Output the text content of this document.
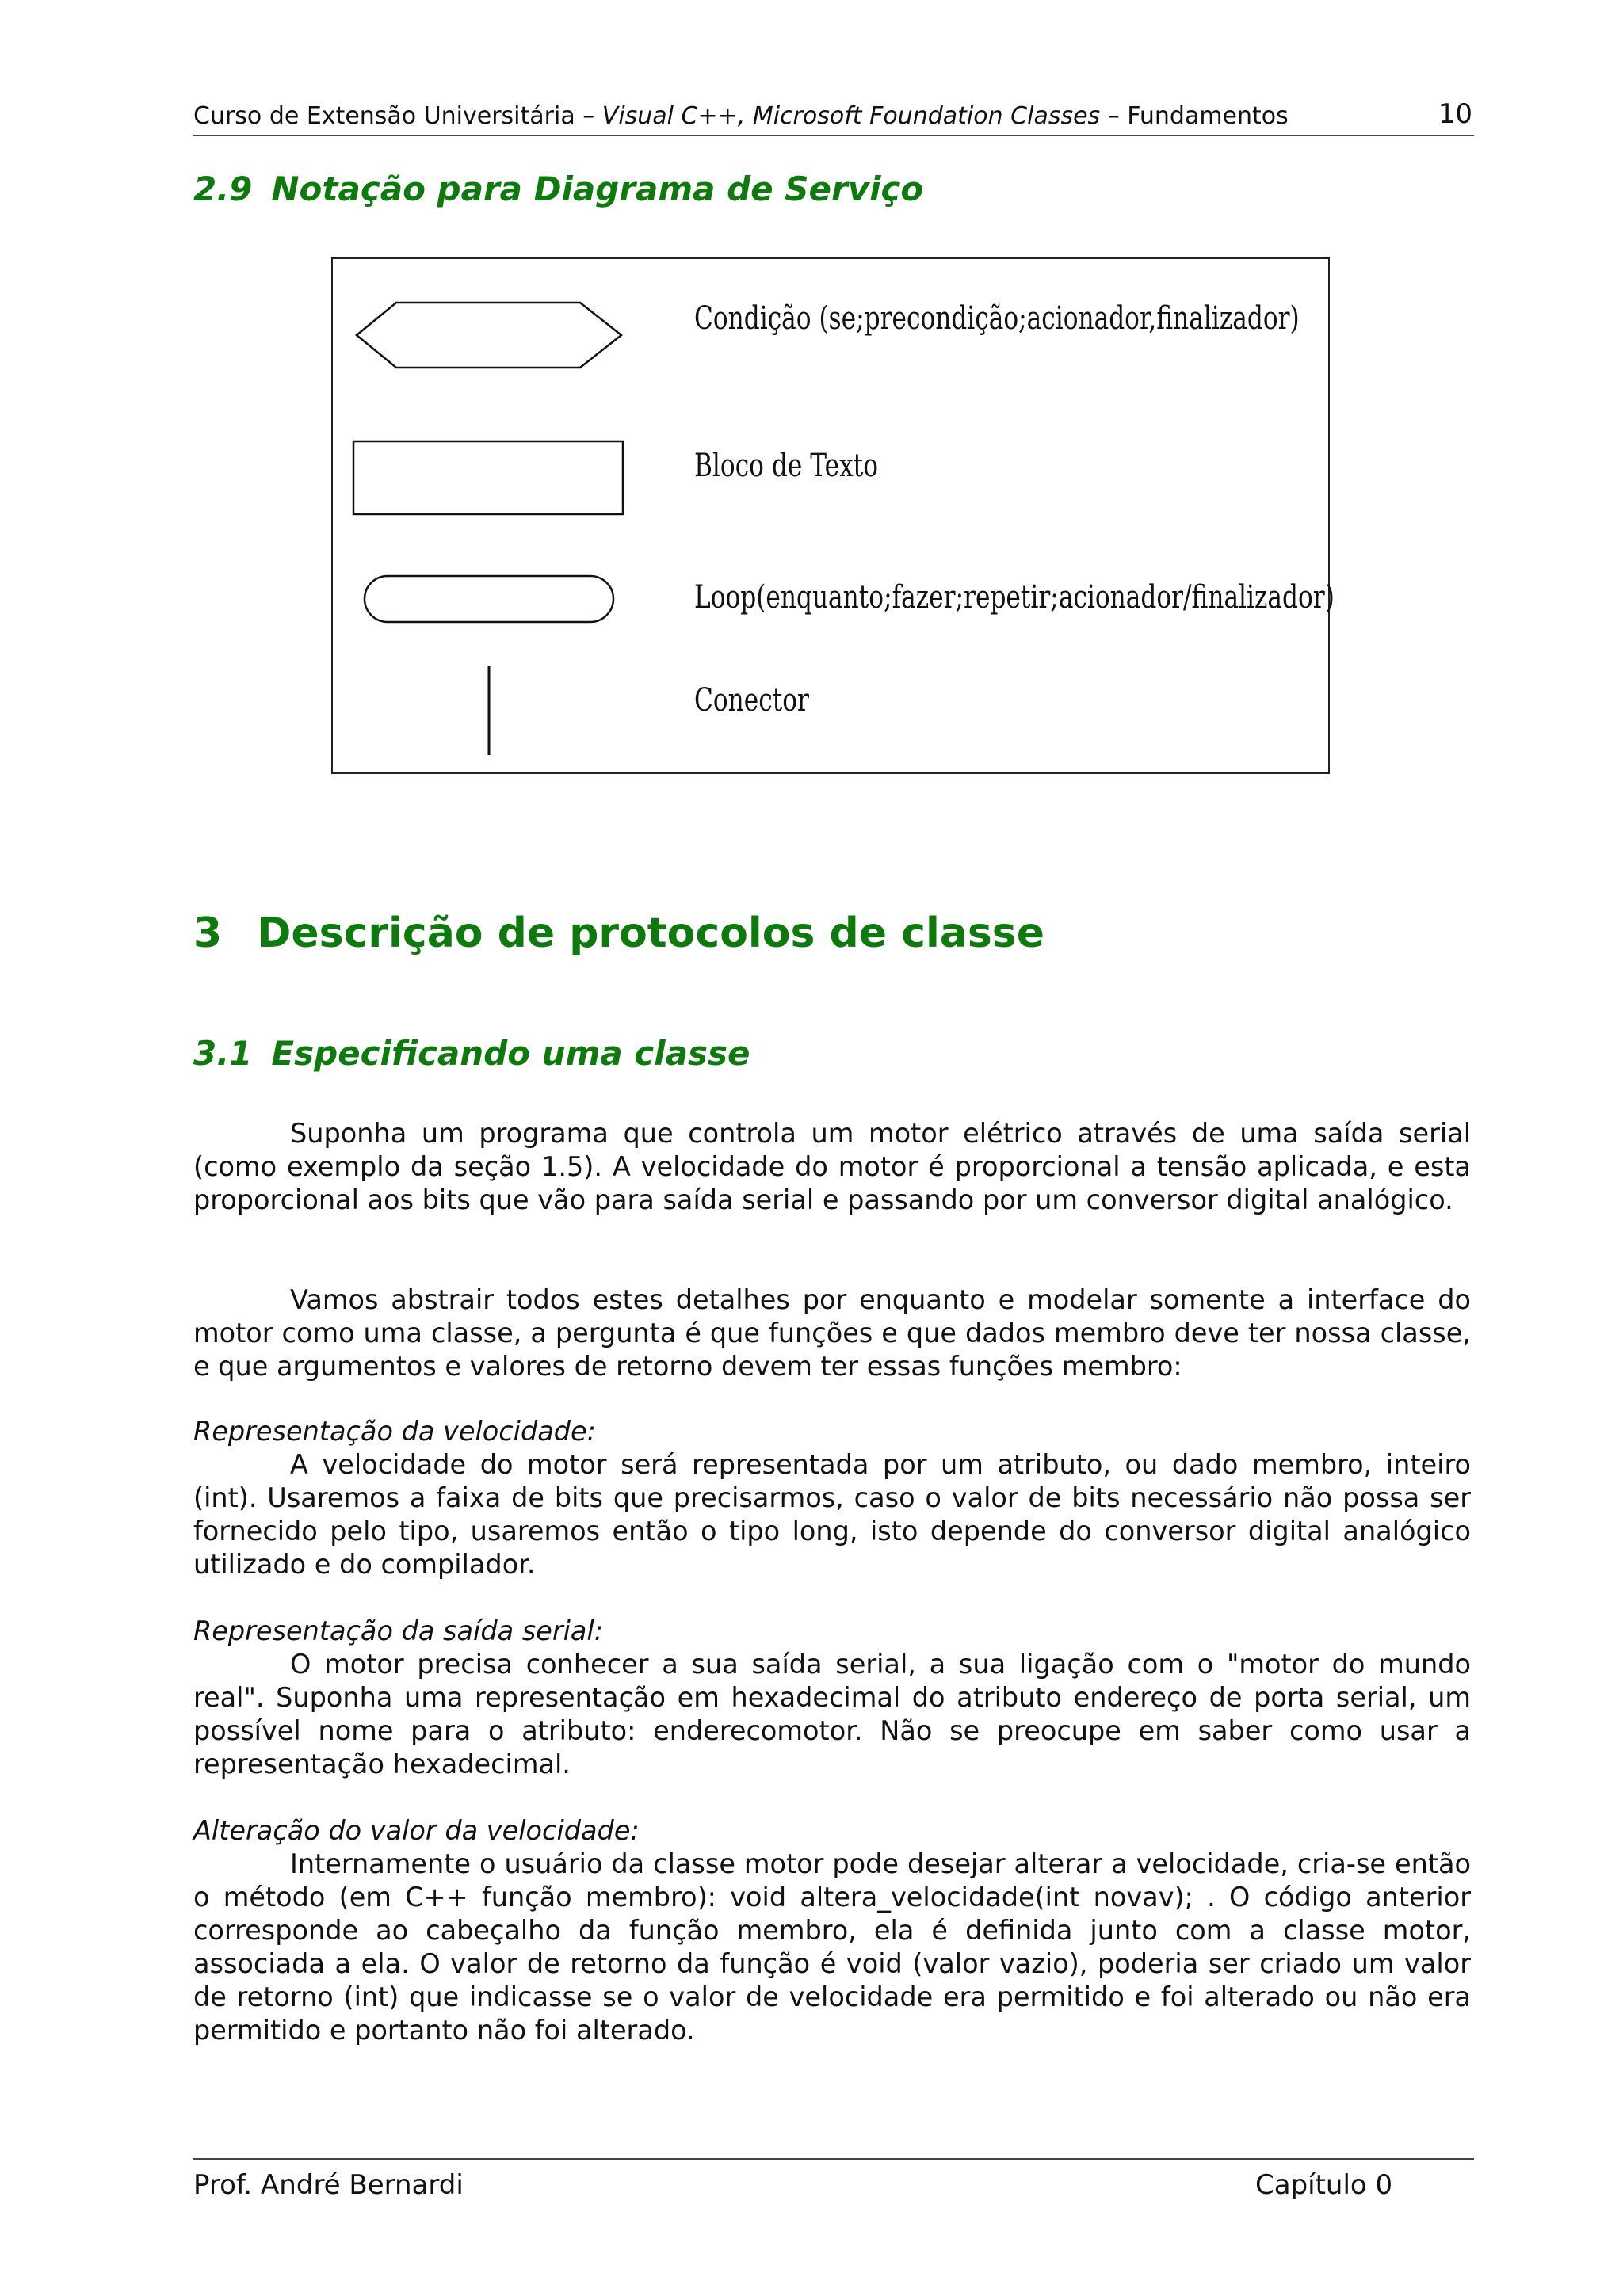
Curso de Extensão Universitária – Visual C++, Microsoft Foundation Classes – Fundamentos	10
2.9 Notação para Diagrama de Serviço
Condição (se;precondição;acionador,finalizador)
Bloco de Texto
Loop(enquanto;fazer;repetir;acionador/finalizador)
Conector
3 Descrição de protocolos de classe
3.1 Especificando uma classe

Suponha um programa que controla um motor elétrico através de uma saída serial (como exemplo da seção 1.5). A velocidade do motor é proporcional a tensão aplicada, e esta proporcional aos bits que vão para saída serial e passando por um conversor digital analógico.

Vamos abstrair todos estes detalhes por enquanto e modelar somente a interface do motor como uma classe, a pergunta é que funções e que dados membro deve ter nossa classe, e que argumentos e valores de retorno devem ter essas funções membro:

Representação da velocidade:

A velocidade do motor será representada por um atributo, ou dado membro, inteiro (int). Usaremos a faixa de bits que precisarmos, caso o valor de bits necessário não possa ser fornecido pelo tipo, usaremos então o tipo long, isto depende do conversor digital analógico utilizado e do compilador.

Representação da saída serial:

O motor precisa conhecer a sua saída serial, a sua ligação com o "motor do mundo real". Suponha uma representação em hexadecimal do atributo endereço de porta serial, um possível nome para o atributo: enderecomotor. Não se preocupe em saber como usar a representação hexadecimal.

Alteração do valor da velocidade:

Internamente o usuário da classe motor pode desejar alterar a velocidade, cria-se então o método (em C++ função membro): void altera_velocidade(int novav); . O código anterior corresponde ao cabeçalho da função membro, ela é definida junto com a classe motor, associada a ela. O valor de retorno da função é void (valor vazio), poderia ser criado um valor de retorno (int) que indicasse se o valor de velocidade era permitido e foi alterado ou não era permitido e portanto não foi alterado.

Prof. André Bernardi	Capítulo 0
